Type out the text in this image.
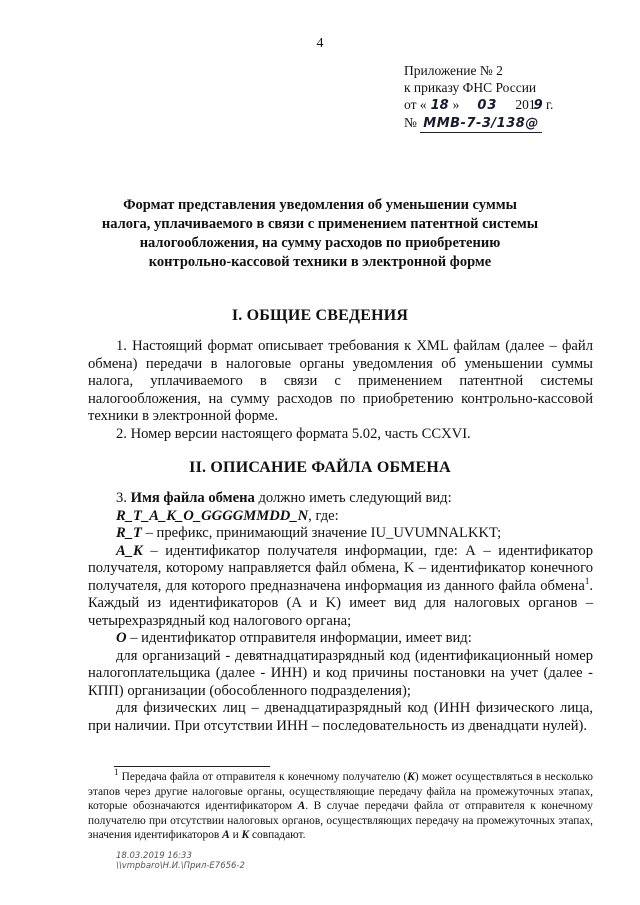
4
Приложение № 2
к приказу ФНС России
от « 18 » 03 2019 г.
№ ММВ-7-3/138@
Формат представления уведомления об уменьшении суммы
налога, уплачиваемого в связи с применением патентной системы
налогообложения, на сумму расходов по приобретению
контрольно-кассовой техники в электронной форме
I. ОБЩИЕ СВЕДЕНИЯ

1. Настоящий формат описывает требования к XML файлам (далее – файл обмена) передачи в налоговые органы уведомления об уменьшении суммы налога, уплачиваемого в связи с применением патентной системы налогообложения, на сумму расходов по приобретению контрольно-кассовой техники в электронной форме.

2. Номер версии настоящего формата 5.02, часть CCXVI.

II. ОПИСАНИЕ ФАЙЛА ОБМЕНА

3. Имя файла обмена должно иметь следующий вид:

R_T_A_K_O_GGGGMMDD_N, где:

R_T – префикс, принимающий значение IU_UVUMNALKKT;

A_K – идентификатор получателя информации, где: А – идентификатор получателя, которому направляется файл обмена, K – идентификатор конечного получателя, для которого предназначена информация из данного файла обмена$^1$. Каждый из идентификаторов (A и K) имеет вид для налоговых органов – четырехразрядный код налогового органа;

O – идентификатор отправителя информации, имеет вид:

для организаций - девятнадцатиразрядный код (идентификационный номер налогоплательщика (далее - ИНН) и код причины постановки на учет (далее - КПП) организации (обособленного подразделения);

для физических лиц – двенадцатиразрядный код (ИНН физического лица, при наличии. При отсутствии ИНН – последовательность из двенадцати нулей).

$^1$ Передача файла от отправителя к конечному получателю (K) может осуществляться в несколько этапов через другие налоговые органы, осуществляющие передачу файла на промежуточных этапах, которые обозначаются идентификатором A. В случае передачи файла от отправителя к конечному получателю при отсутствии налоговых органов, осуществляющих передачу на промежуточных этапах, значения идентификаторов A и K совпадают.

18.03.2019 16:33
\\vmpbaro\Н.И.\Прил-Е7656-2
